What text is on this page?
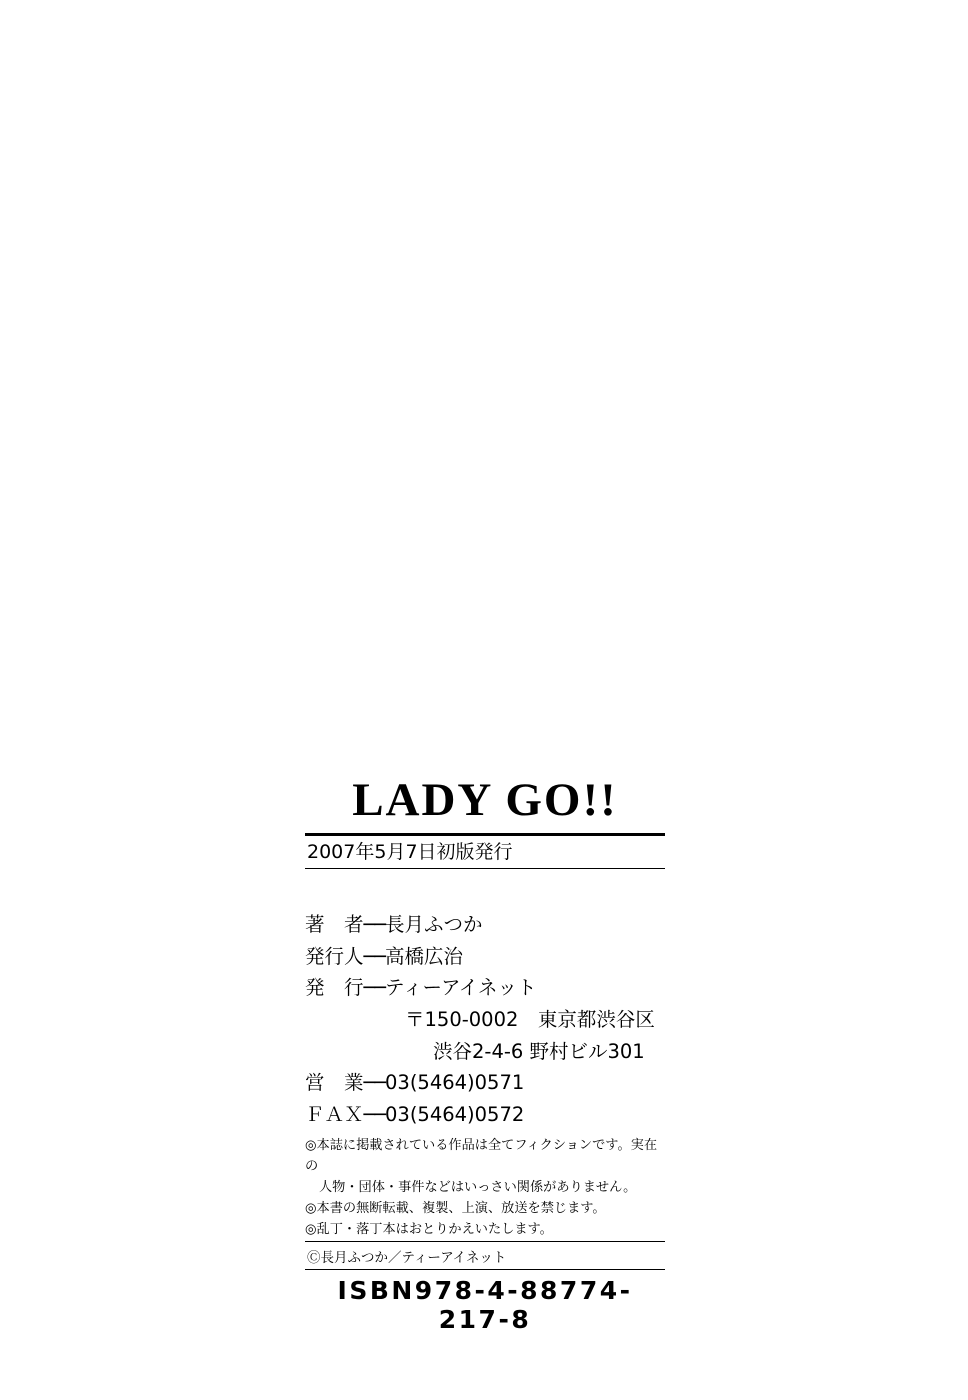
LADY GO!!
2007年5月7日初版発行
著　者──長月ふつか
発行人──高橋広治
発　行──ティーアイネット
〒150-0002　東京都渋谷区
渋谷2-4-6 野村ビル301
営　業──03(5464)0571
ＦＡＸ──03(5464)0572
◎本誌に掲載されている作品は全てフィクションです。実在の
人物・団体・事件などはいっさい関係がありません。
◎本書の無断転載、複製、上演、放送を禁じます。
◎乱丁・落丁本はおとりかえいたします。
Ⓒ長月ふつか／ティーアイネット
ISBN978-4-88774-217-8
